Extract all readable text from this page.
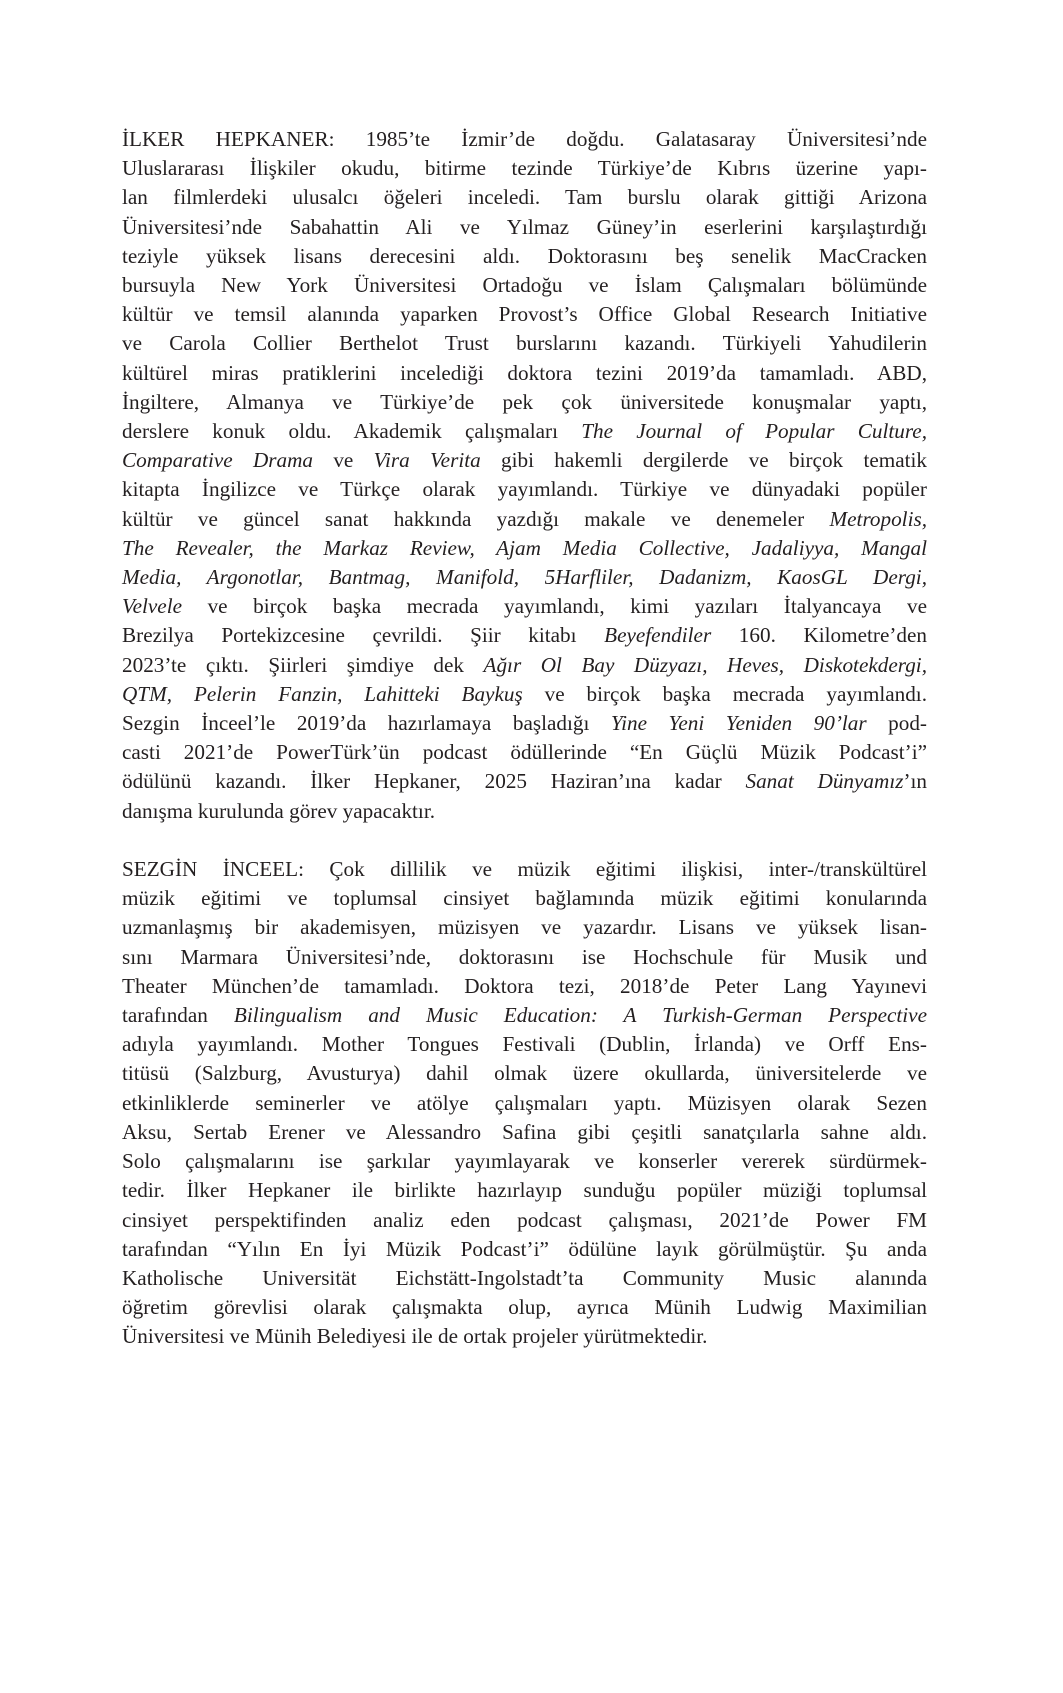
İLKER HEPKANER: 1985’te İzmir’de doğdu. Galatasaray Üniversitesi’nde
Uluslararası İlişkiler okudu, bitirme tezinde Türkiye’de Kıbrıs üzerine yapı-
lan filmlerdeki ulusalcı öğeleri inceledi. Tam burslu olarak gittiği Arizona
Üniversitesi’nde Sabahattin Ali ve Yılmaz Güney’in eserlerini karşılaştırdığı
teziyle yüksek lisans derecesini aldı. Doktorasını beş senelik MacCracken
bursuyla New York Üniversitesi Ortadoğu ve İslam Çalışmaları bölümünde
kültür ve temsil alanında yaparken Provost’s Office Global Research Initiative
ve Carola Collier Berthelot Trust burslarını kazandı. Türkiyeli Yahudilerin
kültürel miras pratiklerini incelediği doktora tezini 2019’da tamamladı. ABD,
İngiltere, Almanya ve Türkiye’de pek çok üniversitede konuşmalar yaptı,
derslere konuk oldu. Akademik çalışmaları The Journal of Popular Culture,
Comparative Drama ve Vira Verita gibi hakemli dergilerde ve birçok tematik
kitapta İngilizce ve Türkçe olarak yayımlandı. Türkiye ve dünyadaki popüler
kültür ve güncel sanat hakkında yazdığı makale ve denemeler Metropolis,
The Revealer, the Markaz Review, Ajam Media Collective, Jadaliyya, Mangal
Media, Argonotlar, Bantmag, Manifold, 5Harfliler, Dadanizm, KaosGL Dergi,
Velvele ve birçok başka mecrada yayımlandı, kimi yazıları İtalyancaya ve
Brezilya Portekizcesine çevrildi. Şiir kitabı Beyefendiler 160. Kilometre’den
2023’te çıktı. Şiirleri şimdiye dek Ağır Ol Bay Düzyazı, Heves, Diskotekdergi,
QTM, Pelerin Fanzin, Lahitteki Baykuş ve birçok başka mecrada yayımlandı.
Sezgin İnceel’le 2019’da hazırlamaya başladığı Yine Yeni Yeniden 90’lar pod-
casti 2021’de PowerTürk’ün podcast ödüllerinde “En Güçlü Müzik Podcast’i”
ödülünü kazandı. İlker Hepkaner, 2025 Haziran’ına kadar Sanat Dünyamız’ın
danışma kurulunda görev yapacaktır.

SEZGİN İNCEEL: Çok dillilik ve müzik eğitimi ilişkisi, inter-/transkültürel
müzik eğitimi ve toplumsal cinsiyet bağlamında müzik eğitimi konularında
uzmanlaşmış bir akademisyen, müzisyen ve yazardır. Lisans ve yüksek lisan-
sını Marmara Üniversitesi’nde, doktorasını ise Hochschule für Musik und
Theater München’de tamamladı. Doktora tezi, 2018’de Peter Lang Yayınevi
tarafından Bilingualism and Music Education: A Turkish-German Perspective
adıyla yayımlandı. Mother Tongues Festivali (Dublin, İrlanda) ve Orff Ens-
titüsü (Salzburg, Avusturya) dahil olmak üzere okullarda, üniversitelerde ve
etkinliklerde seminerler ve atölye çalışmaları yaptı. Müzisyen olarak Sezen
Aksu, Sertab Erener ve Alessandro Safina gibi çeşitli sanatçılarla sahne aldı.
Solo çalışmalarını ise şarkılar yayımlayarak ve konserler vererek sürdürmek-
tedir. İlker Hepkaner ile birlikte hazırlayıp sunduğu popüler müziği toplumsal
cinsiyet perspektifinden analiz eden podcast çalışması, 2021’de Power FM
tarafından “Yılın En İyi Müzik Podcast’i” ödülüne layık görülmüştür. Şu anda
Katholische Universität Eichstätt-Ingolstadt’ta Community Music alanında
öğretim görevlisi olarak çalışmakta olup, ayrıca Münih Ludwig Maximilian
Üniversitesi ve Münih Belediyesi ile de ortak projeler yürütmektedir.
